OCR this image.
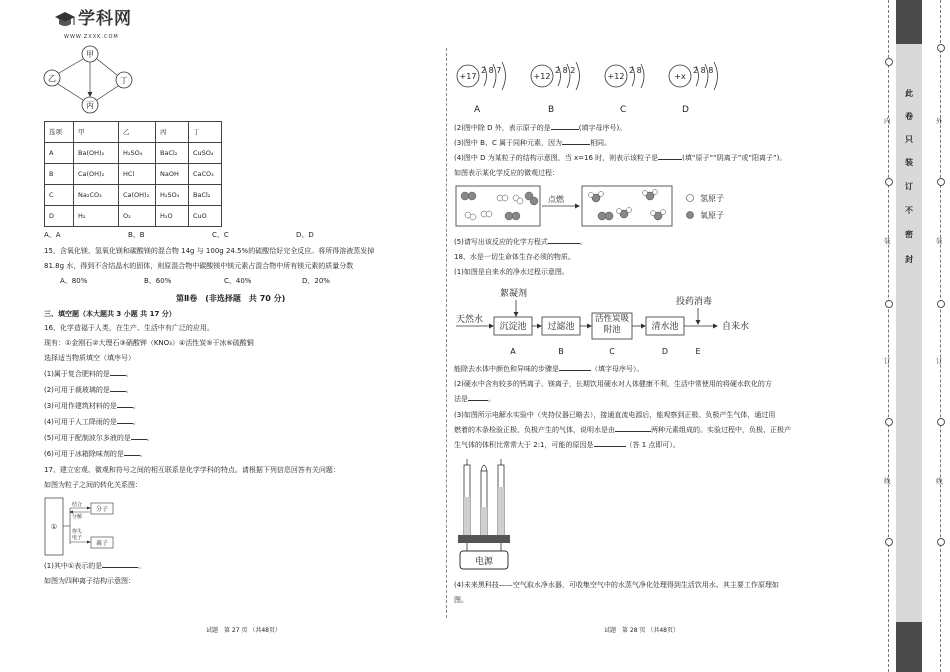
学科网
WWW.ZXXK.COM
甲
乙	丁
丙
选项	甲	乙	丙	丁
A	Ba(OH)₂	H₂SO₄	BaCl₂	CuSO₄
B	Ca(OH)₂	HCl	NaOH	CaCO₃
C	Na₂CO₃	Ca(OH)₂	H₂SO₄	BaCl₂
D	H₂	O₂	H₂O	CuO
A、A	B、B	C、C	D、D
15、含氧化镁、氢氧化镁和碳酸镁的混合物 14g 与 100g 24.5%的硫酸恰好完全反应。将所得溶液蒸发掉
81.8g 水，得到不含结晶水的固体，则原混合物中碳酸镁中镁元素占混合物中所有镁元素的质量分数
A、80%	B、60%	C、40%	D、20%
第Ⅱ卷　(非选择题　共 70 分)
三、填空题（本大题共 3 小题 共 17 分）
16、化学造福于人类，在生产、生活中有广泛的应用。
现有：①金刚石②大理石③硝酸钾（KNO₃）④活性炭⑤干冰⑥硫酸铜
选择适当物质填空（填序号）
(1)属于复合肥料的是 。
(2)可用于裁玻璃的是 。
(3)可用作建筑材料的是 。
(4)可用于人工降雨的是 。
(5)可用于配制波尔多液的是 。
(6)可用于冰箱除味剂的是 。
17、建立宏观、微观和符号之间的相互联系是化学学科的特点。请根据下列信息回答有关问题：
如图为粒子之间的转化关系图：
①
结合
分解
得失
电子
分子
离子
(1)其中①表示的是	。
如图为四种离子结构示意图：
试题　第 27 页 （共48页）
+17
2 8 7
A
+12
2 8 2
B
+12
2 8
C
+x
2 8 8
D
(2)图中除 D 外，表示原子的是	(填字母序号)。
(3)图中 B、C 属于同种元素，因为	相同。
(4)图中 D 为某粒子的结构示意图，当 x=16 时，则表示该粒子是	(填“原子”“阴离子”或“阳离子”)。
如图表示某化学反应的微观过程：
点燃	氢原子
氧原子
(5)请写出该反应的化学方程式	。
18、水是一切生命体生存必须的物质。
(1)如图是自来水的净水过程示意图。
絮凝剂
投药消毒
天然水
自来水
沉淀池 过滤池
活性炭吸附池	清水池
A	B	C	D	E
能除去水体中颜色和异味的步骤是	（填字母序号）。
(2)硬水中含有较多的钙离子、镁离子，长期饮用硬水对人体健康不利，生活中常使用的将硬水软化的方
法是	。
(3)如图所示电解水实验中（夹持仪器已略去），接通直流电源后，能观察到正极、负极产生气体，通过用
燃着的木条检验正极、负极产生的气体，说明水是由	两种元素组成的。实验过程中，负极、正极产
生气体的体积比常常大于 2:1，可能的原因是	（答 1 点即可）。
电源
(4)未来黑科技——空气取水净水器，可收集空气中的水蒸气净化处理得到生活饮用水。其主要工作原理如
图。
试题　第 28 页 （共48页）
内
装
订
线
此
卷
只
装
订
不
密
封
外
装
订
线
